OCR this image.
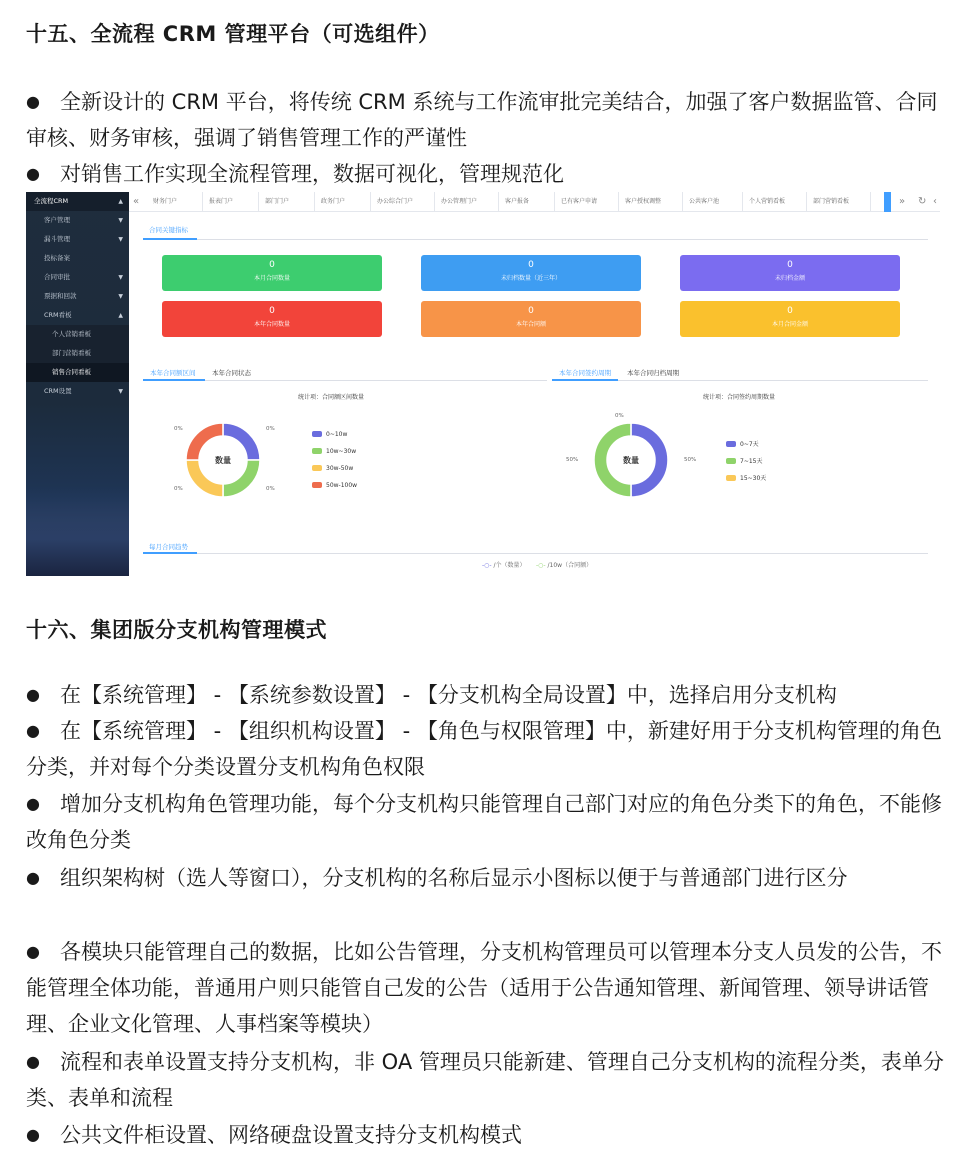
十五、全流程 CRM 管理平台（可选组件）
● 全新设计的 CRM 平台，将传统 CRM 系统与工作流审批完美结合，加强了客户数据监管、合同审核、财务审核，强调了销售管理工作的严谨性
● 对销售工作实现全流程管理，数据可视化，管理规范化
全流程CRM	▲
客户管理	▼
漏斗管理	▼
投标备案
合同审批	▼
票据和回款	▼
CRM看板	▲
个人营销看板
部门营销看板
销售合同看板
CRM设置	▼
«	财务门户	报表门户	部门门户	政务门户	办公综合门户	办公管理门户	客户报备	已有客户申请	客户授权调整	公共客户池	个人营销看板	部门营销看板	» ↻ ‹
合同关键指标
0
本月合同数量
0
未归档数量（近三年）
0
未归档金额
0
本年合同数量
0
本年合同额
0
本月合同金额
本年合同额区间	本年合同状态
统计项：合同额区间数量
本年合同签约周期 本年合同归档周期
统计项：合同签约周期数量
数量
0%
0%
0%
0%
数量
0%
50%
50%
0~10w
10w~30w
30w-50w
50w-100w
0~7天
7~15天
15~30天
每月合同趋势
-○- /个（数量） -○- /10w（合同额）
十六、集团版分支机构管理模式
● 在【系统管理】 - 【系统参数设置】 - 【分支机构全局设置】中，选择启用分支机构
● 在【系统管理】 - 【组织机构设置】 - 【角色与权限管理】中，新建好用于分支机构管理的角色分类，并对每个分类设置分支机构角色权限
● 增加分支机构角色管理功能，每个分支机构只能管理自己部门对应的角色分类下的角色，不能修改角色分类
● 组织架构树（选人等窗口），分支机构的名称后显示小图标以便于与普通部门进行区分
● 各模块只能管理自己的数据，比如公告管理，分支机构管理员可以管理本分支人员发的公告，不能管理全体功能，普通用户则只能管自己发的公告（适用于公告通知管理、新闻管理、领导讲话管理、企业文化管理、人事档案等模块）
● 流程和表单设置支持分支机构，非 OA 管理员只能新建、管理自己分支机构的流程分类，表单分类、表单和流程
● 公共文件柜设置、网络硬盘设置支持分支机构模式
